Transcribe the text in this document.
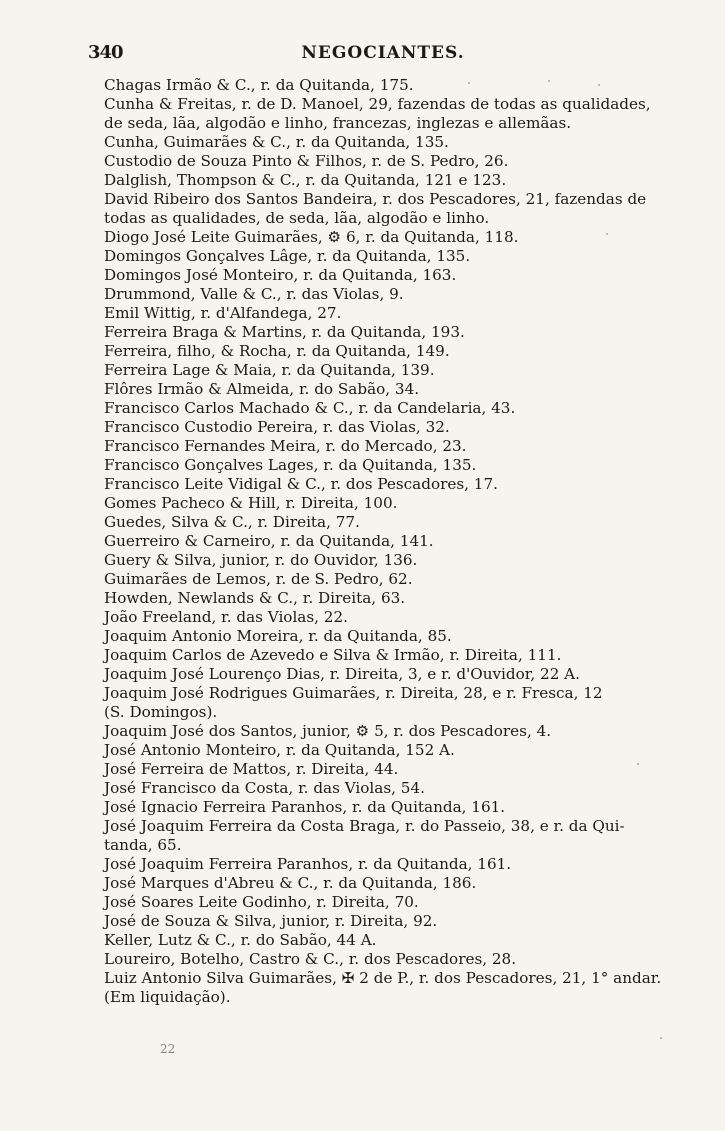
340	NEGOCIANTES.
Chagas Irmão & C., r. da Quitanda, 175.
Cunha & Freitas, r. de D. Manoel, 29, fazendas de todas as qualidades,
de seda, lãa, algodão e linho, francezas, inglezas e allemãas.
Cunha, Guimarães & C., r. da Quitanda, 135.
Custodio de Souza Pinto & Filhos, r. de S. Pedro, 26.
Dalglish, Thompson & C., r. da Quitanda, 121 e 123.
David Ribeiro dos Santos Bandeira, r. dos Pescadores, 21, fazendas de
todas as qualidades, de seda, lãa, algodão e linho.
Diogo José Leite Guimarães, ⚙ 6, r. da Quitanda, 118.
Domingos Gonçalves Lâge, r. da Quitanda, 135.
Domingos José Monteiro, r. da Quitanda, 163.
Drummond, Valle & C., r. das Violas, 9.
Emil Wittig, r. d'Alfandega, 27.
Ferreira Braga & Martins, r. da Quitanda, 193.
Ferreira, filho, & Rocha, r. da Quitanda, 149.
Ferreira Lage & Maia, r. da Quitanda, 139.
Flôres Irmão & Almeida, r. do Sabão, 34.
Francisco Carlos Machado & C., r. da Candelaria, 43.
Francisco Custodio Pereira, r. das Violas, 32.
Francisco Fernandes Meira, r. do Mercado, 23.
Francisco Gonçalves Lages, r. da Quitanda, 135.
Francisco Leite Vidigal & C., r. dos Pescadores, 17.
Gomes Pacheco & Hill, r. Direita, 100.
Guedes, Silva & C., r. Direita, 77.
Guerreiro & Carneiro, r. da Quitanda, 141.
Guery & Silva, junior, r. do Ouvidor, 136.
Guimarães de Lemos, r. de S. Pedro, 62.
Howden, Newlands & C., r. Direita, 63.
João Freeland, r. das Violas, 22.
Joaquim Antonio Moreira, r. da Quitanda, 85.
Joaquim Carlos de Azevedo e Silva & Irmão, r. Direita, 111.
Joaquim José Lourenço Dias, r. Direita, 3, e r. d'Ouvidor, 22 A.
Joaquim José Rodrigues Guimarães, r. Direita, 28, e r. Fresca, 12
(S. Domingos).
Joaquim José dos Santos, junior, ⚙ 5, r. dos Pescadores, 4.
José Antonio Monteiro, r. da Quitanda, 152 A.
José Ferreira de Mattos, r. Direita, 44.
José Francisco da Costa, r. das Violas, 54.
José Ignacio Ferreira Paranhos, r. da Quitanda, 161.
José Joaquim Ferreira da Costa Braga, r. do Passeio, 38, e r. da Qui-
tanda, 65.
José Joaquim Ferreira Paranhos, r. da Quitanda, 161.
José Marques d'Abreu & C., r. da Quitanda, 186.
José Soares Leite Godinho, r. Direita, 70.
José de Souza & Silva, junior, r. Direita, 92.
Keller, Lutz & C., r. do Sabão, 44 A.
Loureiro, Botelho, Castro & C., r. dos Pescadores, 28.
Luiz Antonio Silva Guimarães, ✠ 2 de P., r. dos Pescadores, 21, 1° andar.
(Em liquidação).
22
